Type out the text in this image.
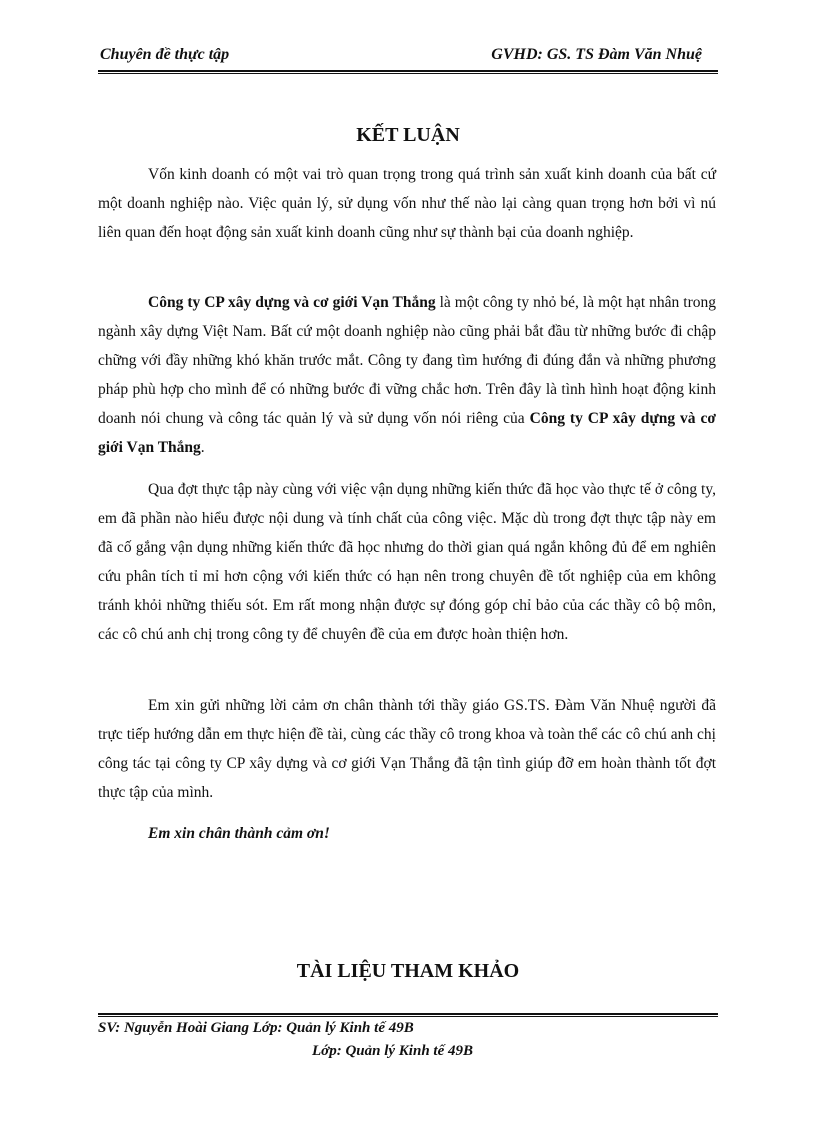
Chuyên đề thực tập	GVHD: GS. TS Đàm Văn Nhuệ
KẾT LUẬN

Vốn kinh doanh có một vai trò quan trọng trong quá trình sản xuất kinh doanh của bất cứ một doanh nghiệp nào. Việc quản lý, sử dụng vốn như thế nào lại càng quan trọng hơn bởi vì nú liên quan đến hoạt động sản xuất kinh doanh cũng như sự thành bại của doanh nghiệp.

Công ty CP xây dựng và cơ giới Vạn Thắng là một công ty nhỏ bé, là một hạt nhân trong ngành xây dựng Việt Nam. Bất cứ một doanh nghiệp nào cũng phải bắt đầu từ những bước đi chập chững với đầy những khó khăn trước mắt. Công ty đang tìm hướng đi đúng đắn và những phương pháp phù hợp cho mình để có những bước đi vững chắc hơn. Trên đây là tình hình hoạt động kinh doanh nói chung và công tác quản lý và sử dụng vốn nói riêng của Công ty CP xây dựng và cơ giới Vạn Thắng.

Qua đợt thực tập này cùng với việc vận dụng những kiến thức đã học vào thực tế ở công ty, em đã phần nào hiểu được nội dung và tính chất của công việc. Mặc dù trong đợt thực tập này em đã cố gắng vận dụng những kiến thức đã học nhưng do thời gian quá ngắn không đủ để em nghiên cứu phân tích tỉ mỉ hơn cộng với kiến thức có hạn nên trong chuyên đề tốt nghiệp của em không tránh khỏi những thiếu sót. Em rất mong nhận được sự đóng góp chỉ bảo của các thầy cô bộ môn, các cô chú anh chị trong công ty để chuyên đề của em được hoàn thiện hơn.

Em xin gửi những lời cảm ơn chân thành tới thầy giáo GS.TS. Đàm Văn Nhuệ người đã trực tiếp hướng dẫn em thực hiện đề tài, cùng các thầy cô trong khoa và toàn thể các cô chú anh chị công tác tại công ty CP xây dựng và cơ giới Vạn Thắng đã tận tình giúp đỡ em hoàn thành tốt đợt thực tập của mình.

Em xin chân thành cảm ơn!
TÀI LIỆU THAM KHẢO
SV: Nguyễn Hoài Giang Lớp: Quản lý Kinh tế 49B
Lớp: Quản lý Kinh tế 49B
